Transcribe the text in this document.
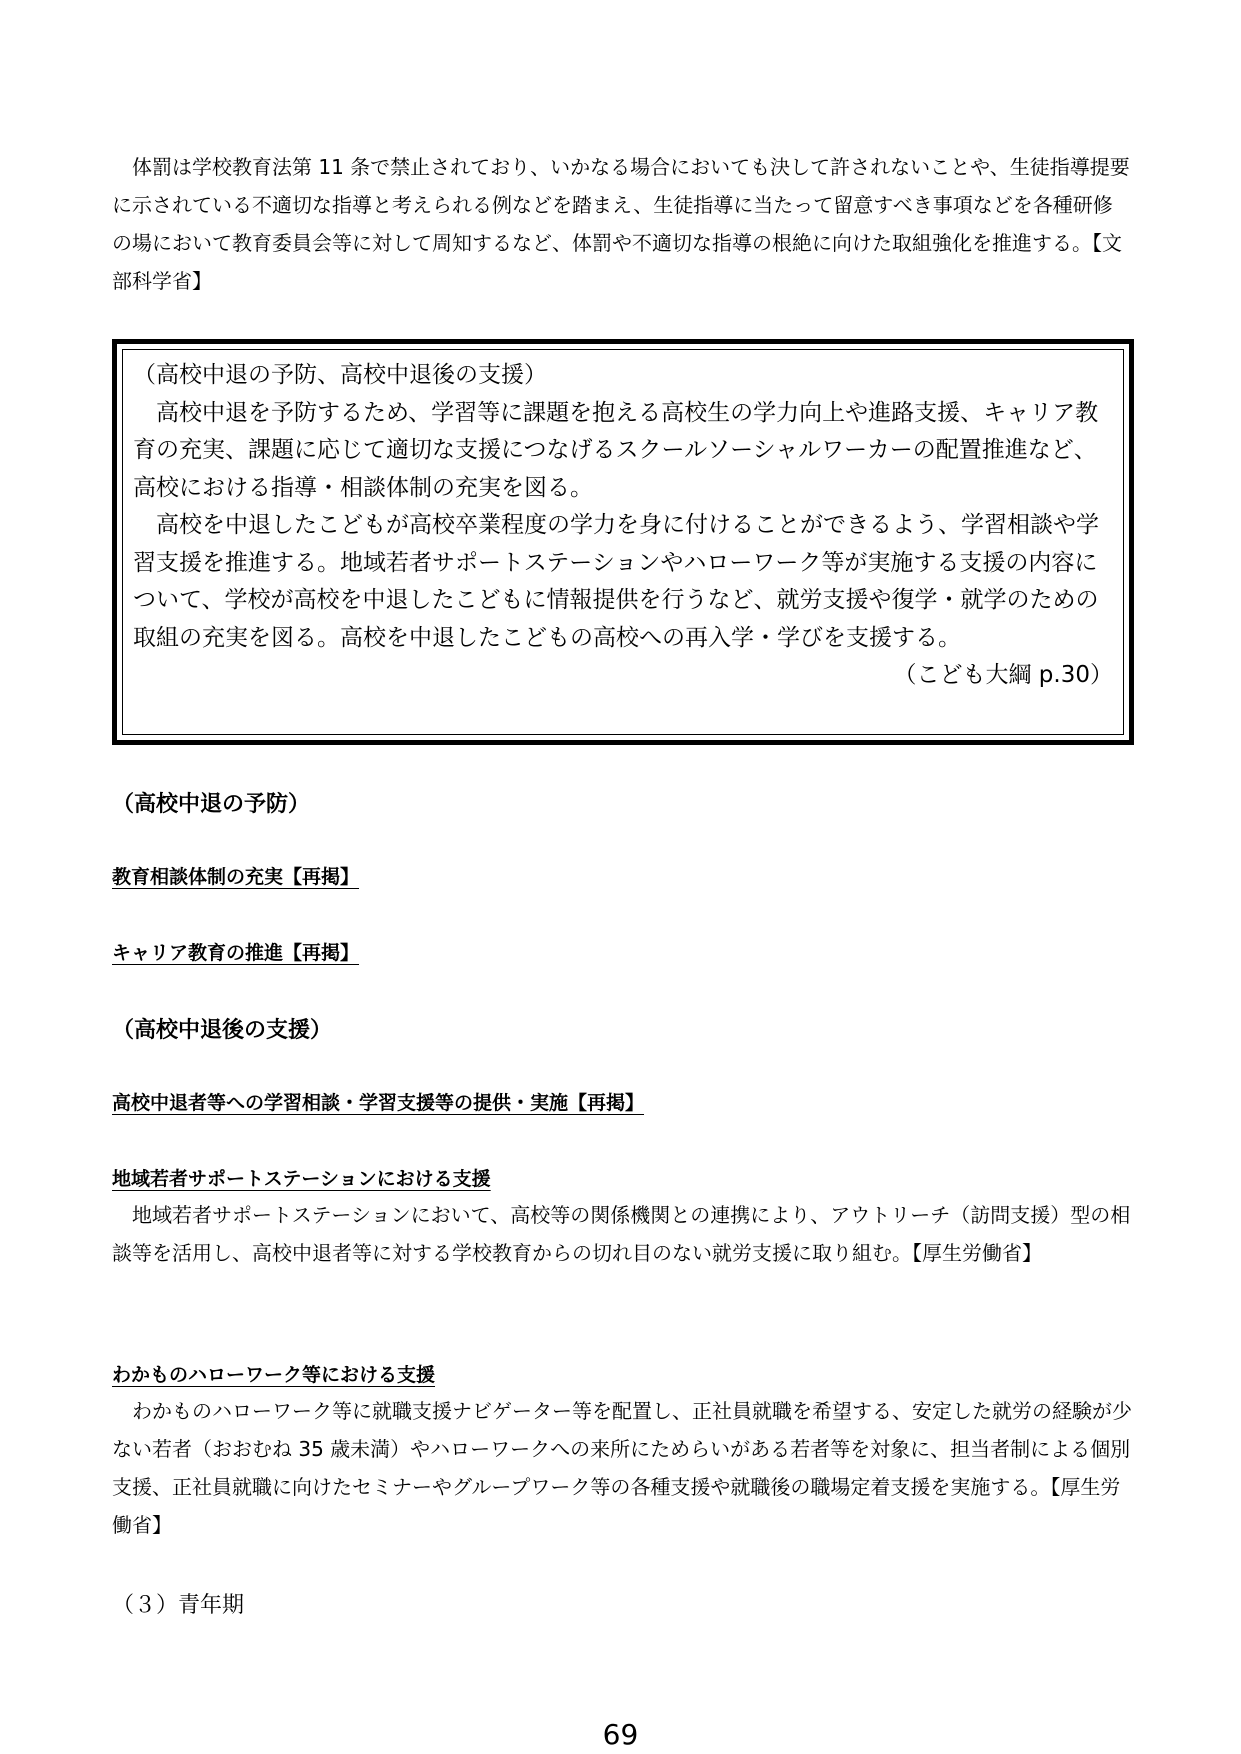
体罰は学校教育法第 11 条で禁止されており、いかなる場合においても決して許されないことや、生徒指導提要に示されている不適切な指導と考えられる例などを踏まえ、生徒指導に当たって留意すべき事項などを各種研修の場において教育委員会等に対して周知するなど、体罰や不適切な指導の根絶に向けた取組強化を推進する。【文部科学省】

（高校中退の予防、高校中退後の支援）

高校中退を予防するため、学習等に課題を抱える高校生の学力向上や進路支援、キャリア教育の充実、課題に応じて適切な支援につなげるスクールソーシャルワーカーの配置推進など、高校における指導・相談体制の充実を図る。

高校を中退したこどもが高校卒業程度の学力を身に付けることができるよう、学習相談や学習支援を推進する。地域若者サポートステーションやハローワーク等が実施する支援の内容について、学校が高校を中退したこどもに情報提供を行うなど、就労支援や復学・就学のための取組の充実を図る。高校を中退したこどもの高校への再入学・学びを支援する。

（こども大綱 p.30）

（高校中退の予防）

教育相談体制の充実【再掲】

キャリア教育の推進【再掲】

（高校中退後の支援）

高校中退者等への学習相談・学習支援等の提供・実施【再掲】

地域若者サポートステーションにおける支援

地域若者サポートステーションにおいて、高校等の関係機関との連携により、アウトリーチ（訪問支援）型の相談等を活用し、高校中退者等に対する学校教育からの切れ目のない就労支援に取り組む。【厚生労働省】

わかものハローワーク等における支援

わかものハローワーク等に就職支援ナビゲーター等を配置し、正社員就職を希望する、安定した就労の経験が少ない若者（おおむね 35 歳未満）やハローワークへの来所にためらいがある若者等を対象に、担当者制による個別支援、正社員就職に向けたセミナーやグループワーク等の各種支援や就職後の職場定着支援を実施する。【厚生労働省】

（３）青年期

69
